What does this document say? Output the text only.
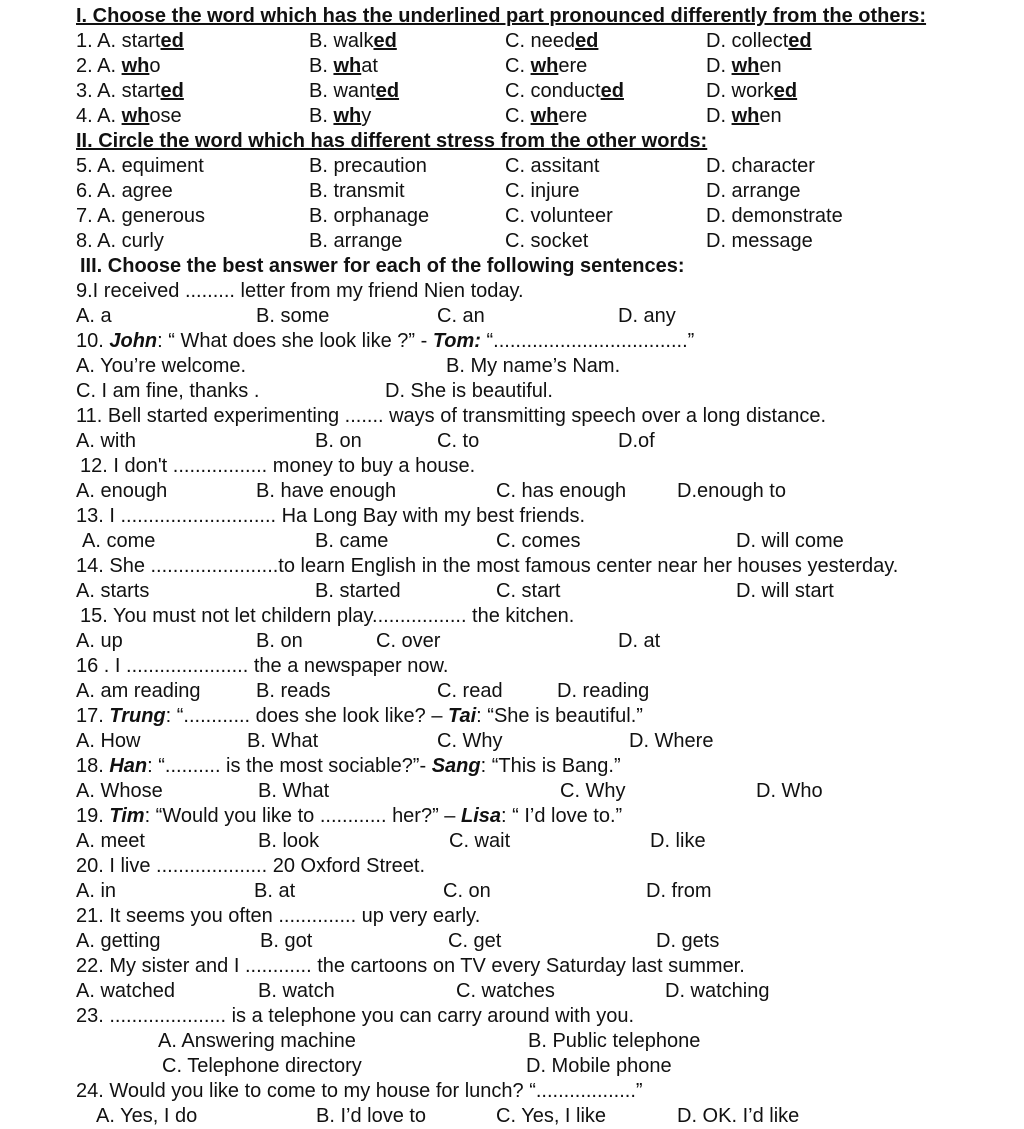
I. Choose the word which has the underlined part pronounced differently from the others:
1. A. started	B. walked	C. needed	D. collected
2. A. who	B. what	C. where	D. when
3. A. started	B. wanted	C. conducted	D. worked
4. A. whose	B. why	C. where	D. when
II. Circle the word which has different stress from the other words:
5. A. equiment	B. precaution	C. assitant	D. character
6. A. agree	B. transmit	C. injure	D. arrange
7. A. generous	B. orphanage	C. volunteer	D. demonstrate
8. A. curly	B. arrange	C. socket	D. message
III. Choose the best answer for each of the following sentences:
9.I received ......... letter from my friend Nien today.
A. a	B. some	C. an	D. any
10. John: “ What does she look like ?” - Tom: “...................................”
A. You’re welcome.	B. My name’s Nam.
C. I am fine, thanks .	D. She is beautiful.
11. Bell started experimenting ....... ways of transmitting speech over a long distance.
A. with	B. on	C. to	D.of
12. I don't ................. money to buy a house.
A. enough	B. have enough	C. has enough	D.enough to
13. I ............................ Ha Long Bay with my best friends.
A. come	B. came	C. comes	D. will come
14. She .......................to learn English in the most famous center near her houses yesterday.
A. starts	B. started	C. start	D. will start
15. You must not let childern play................. the kitchen.
A. up	B. on	C. over	D. at
16 . I ...................... the a newspaper now.
A. am reading	B. reads	C. read	D. reading
17. Trung: “............ does she look like? – Tai: “She is beautiful.”
A. How	B. What	C. Why	D. Where
18. Han: “.......... is the most sociable?”- Sang: “This is Bang.”
A. Whose	B. What	C. Why	D. Who
19. Tim: “Would you like to ............ her?” – Lisa: “ I’d love to.”
A. meet	B. look	C. wait	D. like
20. I live .................... 20 Oxford Street.
A. in	B. at	C. on	D. from
21. It seems you often .............. up very early.
A. getting	B. got	C. get	D. gets
22. My sister and I ............ the cartoons on TV every Saturday last summer.
A. watched	B. watch	C. watches	D. watching
23. ..................... is a telephone you can carry around with you.
A. Answering machine	B. Public telephone
C. Telephone directory	D. Mobile phone
24. Would you like to come to my house for lunch? “..................”
A. Yes, I do	B. I’d love to	C. Yes, I like	D. OK. I’d like
